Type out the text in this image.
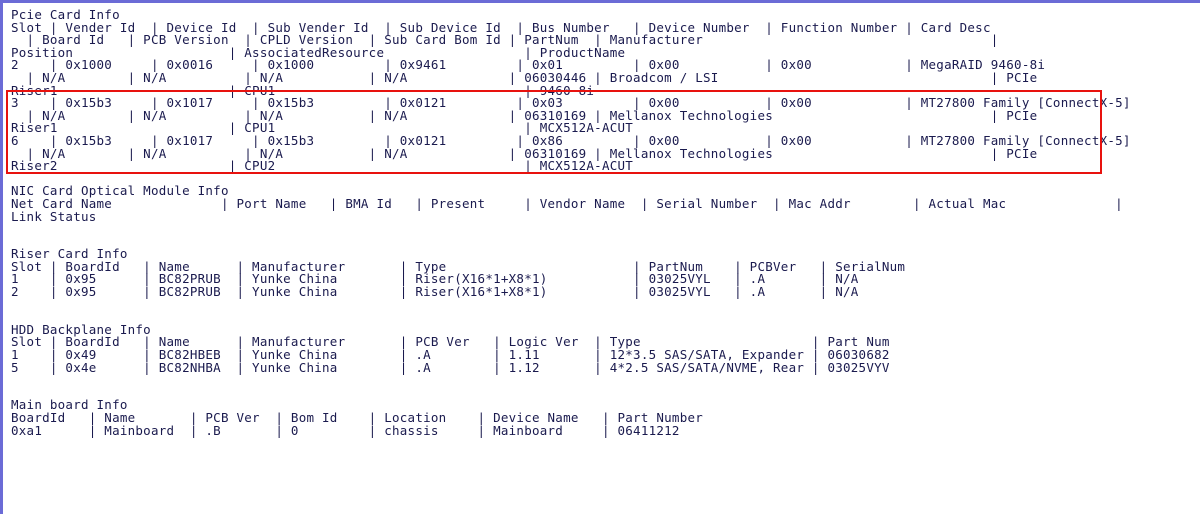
Pcie Card Info
Slot | Vender Id  | Device Id  | Sub Vender Id  | Sub Device Id  | Bus Number   | Device Number  | Function Number | Card Desc
| Board Id   | PCB Version  | CPLD Version  | Sub Card Bom Id | PartNum  | Manufacturer                                     |
Position                    | AssociatedResource                  | ProductName
2    | 0x1000     | 0x0016     | 0x1000         | 0x9461         | 0x01         | 0x00           | 0x00            | MegaRAID 9460-8i
| N/A        | N/A          | N/A           | N/A             | 06030446 | Broadcom / LSI                                   | PCIe
Riser1                      | CPU1                                | 9460-8i
3    | 0x15b3     | 0x1017     | 0x15b3         | 0x0121         | 0x03         | 0x00           | 0x00            | MT27800 Family [ConnectX-5]
| N/A        | N/A          | N/A           | N/A             | 06310169 | Mellanox Technologies                            | PCIe
Riser1                      | CPU1                                | MCX512A-ACUT
6    | 0x15b3     | 0x1017     | 0x15b3         | 0x0121         | 0x86         | 0x00           | 0x00            | MT27800 Family [ConnectX-5]
| N/A        | N/A          | N/A           | N/A             | 06310169 | Mellanox Technologies                            | PCIe
Riser2                      | CPU2                                | MCX512A-ACUT
NIC Card Optical Module Info
Net Card Name              | Port Name   | BMA Id   | Present     | Vendor Name  | Serial Number  | Mac Addr        | Actual Mac              |
Link Status
Riser Card Info
Slot | BoardId   | Name      | Manufacturer       | Type                        | PartNum    | PCBVer   | SerialNum
1    | 0x95      | BC82PRUB  | Yunke China        | Riser(X16*1+X8*1)           | 03025VYL   | .A       | N/A
2    | 0x95      | BC82PRUB  | Yunke China        | Riser(X16*1+X8*1)           | 03025VYL   | .A       | N/A
HDD Backplane Info
Slot | BoardId   | Name      | Manufacturer       | PCB Ver   | Logic Ver  | Type                      | Part Num
1    | 0x49      | BC82HBEB  | Yunke China        | .A        | 1.11       | 12*3.5 SAS/SATA, Expander | 06030682
5    | 0x4e      | BC82NHBA  | Yunke China        | .A        | 1.12       | 4*2.5 SAS/SATA/NVME, Rear | 03025VYV
Main board Info
BoardId   | Name       | PCB Ver  | Bom Id    | Location    | Device Name   | Part Number
0xa1      | Mainboard  | .B       | 0         | chassis     | Mainboard     | 06411212
